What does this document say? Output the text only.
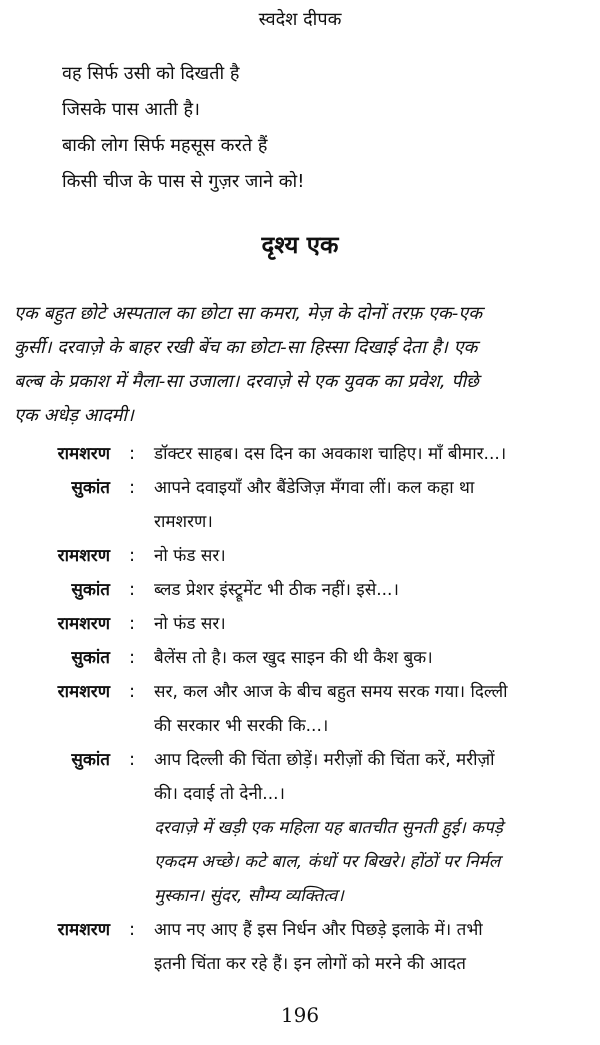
स्वदेश दीपक
वह सिर्फ उसी को दिखती है
जिसके पास आती है।
बाकी लोग सिर्फ महसूस करते हैं
किसी चीज के पास से गुज़र जाने को!
दृश्य एक
एक बहुत छोटे अस्पताल का छोटा सा कमरा, मेज़ के दोनों तरफ़ एक-एक
कुर्सी। दरवाज़े के बाहर रखी बेंच का छोटा-सा हिस्सा दिखाई देता है। एक
बल्ब के प्रकाश में मैला-सा उजाला। दरवाज़े से एक युवक का प्रवेश, पीछे
एक अधेड़ आदमी।
रामशरण	:	डॉक्टर साहब। दस दिन का अवकाश चाहिए। माँ बीमार...।
सुकांत	:	आपने दवाइयाँ और बैंडेजिज़ मँगवा लीं। कल कहा था
रामशरण।
रामशरण	:	नो फंड सर।
सुकांत	:	ब्लड प्रेशर इंस्ट्रूमेंट भी ठीक नहीं। इसे...।
रामशरण	:	नो फंड सर।
सुकांत	:	बैलेंस तो है। कल खुद साइन की थी कैश बुक।
रामशरण	:	सर, कल और आज के बीच बहुत समय सरक गया। दिल्ली
की सरकार भी सरकी कि...।
सुकांत	:	आप दिल्ली की चिंता छोड़ें। मरीज़ों की चिंता करें, मरीज़ों
की। दवाई तो देनी...।
दरवाज़े में खड़ी एक महिला यह बातचीत सुनती हुई। कपड़े
एकदम अच्छे। कटे बाल, कंधों पर बिखरे। होंठों पर निर्मल
मुस्कान। सुंदर, सौम्य व्यक्तित्व।
रामशरण	:	आप नए आए हैं इस निर्धन और पिछड़े इलाके में। तभी
इतनी चिंता कर रहे हैं। इन लोगों को मरने की आदत
196
